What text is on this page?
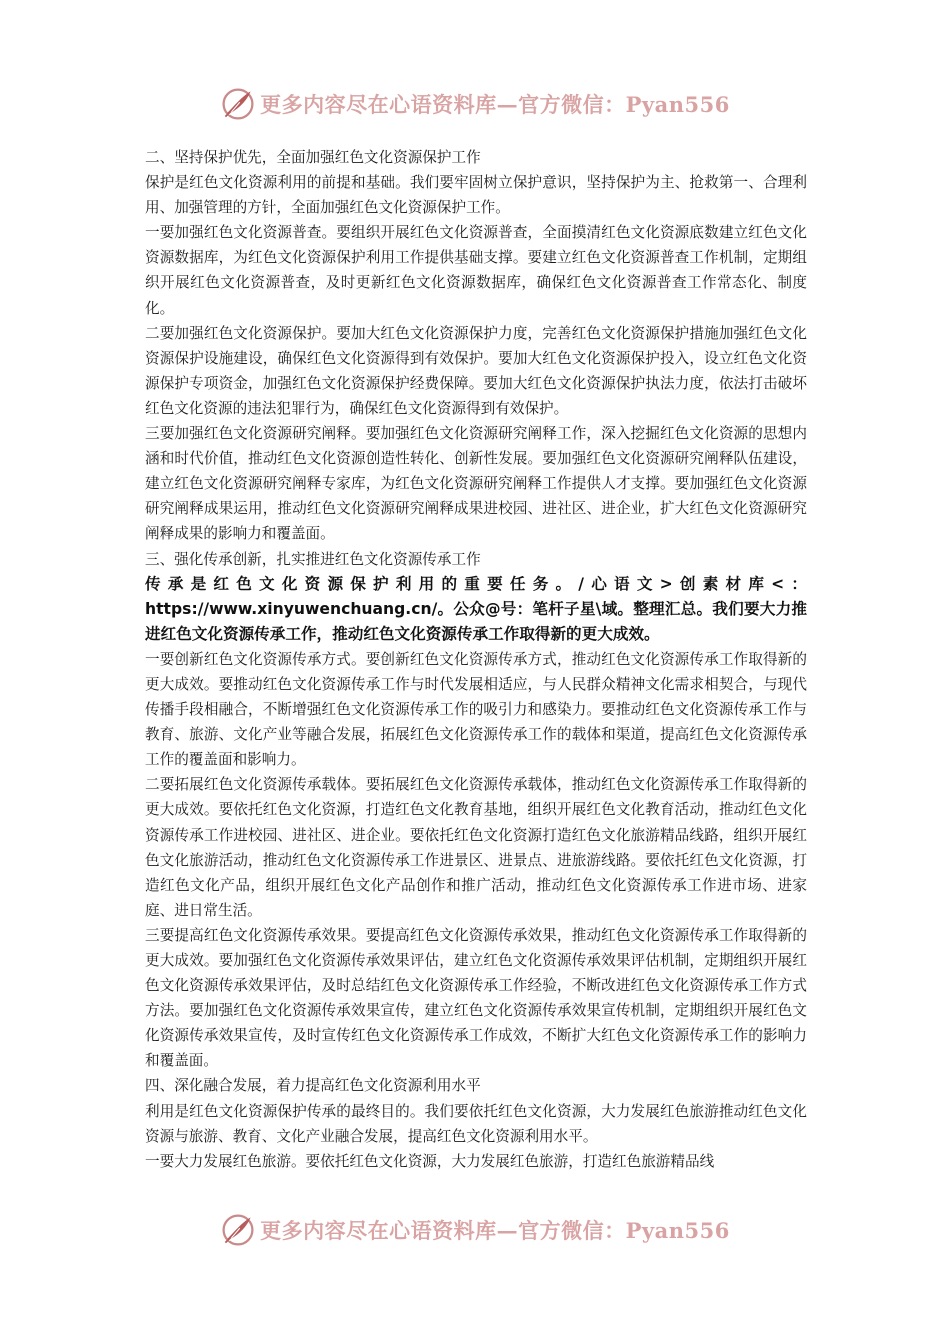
更多内容尽在心语资料库—官方微信：Pyan556

二、坚持保护优先，全面加强红色文化资源保护工作

保护是红色文化资源利用的前提和基础。我们要牢固树立保护意识，坚持保护为主、抢救第一、合理利用、加强管理的方针，全面加强红色文化资源保护工作。

一要加强红色文化资源普查。要组织开展红色文化资源普查，全面摸清红色文化资源底数建立红色文化资源数据库，为红色文化资源保护利用工作提供基础支撑。要建立红色文化资源普查工作机制，定期组织开展红色文化资源普查，及时更新红色文化资源数据库，确保红色文化资源普查工作常态化、制度化。

二要加强红色文化资源保护。要加大红色文化资源保护力度，完善红色文化资源保护措施加强红色文化资源保护设施建设，确保红色文化资源得到有效保护。要加大红色文化资源保护投入，设立红色文化资源保护专项资金，加强红色文化资源保护经费保障。要加大红色文化资源保护执法力度，依法打击破坏红色文化资源的违法犯罪行为，确保红色文化资源得到有效保护。

三要加强红色文化资源研究阐释。要加强红色文化资源研究阐释工作，深入挖掘红色文化资源的思想内涵和时代价值，推动红色文化资源创造性转化、创新性发展。要加强红色文化资源研究阐释队伍建设，建立红色文化资源研究阐释专家库，为红色文化资源研究阐释工作提供人才支撑。要加强红色文化资源研究阐释成果运用，推动红色文化资源研究阐释成果进校园、进社区、进企业，扩大红色文化资源研究阐释成果的影响力和覆盖面。

三、强化传承创新，扎实推进红色文化资源传承工作

传承是红色文化资源保护利用的重要任务。/心语文>创素材库<： https://www.xinyuwenchuang.cn/。公众@号：笔杆子星\域。整理汇总。我们要大力推进红色文化资源传承工作，推动红色文化资源传承工作取得新的更大成效。

一要创新红色文化资源传承方式。要创新红色文化资源传承方式，推动红色文化资源传承工作取得新的更大成效。要推动红色文化资源传承工作与时代发展相适应，与人民群众精神文化需求相契合，与现代传播手段相融合，不断增强红色文化资源传承工作的吸引力和感染力。要推动红色文化资源传承工作与教育、旅游、文化产业等融合发展，拓展红色文化资源传承工作的载体和渠道，提高红色文化资源传承工作的覆盖面和影响力。

二要拓展红色文化资源传承载体。要拓展红色文化资源传承载体，推动红色文化资源传承工作取得新的更大成效。要依托红色文化资源，打造红色文化教育基地，组织开展红色文化教育活动，推动红色文化资源传承工作进校园、进社区、进企业。要依托红色文化资源打造红色文化旅游精品线路，组织开展红色文化旅游活动，推动红色文化资源传承工作进景区、进景点、进旅游线路。要依托红色文化资源，打造红色文化产品，组织开展红色文化产品创作和推广活动，推动红色文化资源传承工作进市场、进家庭、进日常生活。

三要提高红色文化资源传承效果。要提高红色文化资源传承效果，推动红色文化资源传承工作取得新的更大成效。要加强红色文化资源传承效果评估，建立红色文化资源传承效果评估机制，定期组织开展红色文化资源传承效果评估，及时总结红色文化资源传承工作经验，不断改进红色文化资源传承工作方式方法。要加强红色文化资源传承效果宣传，建立红色文化资源传承效果宣传机制，定期组织开展红色文化资源传承效果宣传，及时宣传红色文化资源传承工作成效，不断扩大红色文化资源传承工作的影响力和覆盖面。

四、深化融合发展，着力提高红色文化资源利用水平

利用是红色文化资源保护传承的最终目的。我们要依托红色文化资源，大力发展红色旅游推动红色文化资源与旅游、教育、文化产业融合发展，提高红色文化资源利用水平。

一要大力发展红色旅游。要依托红色文化资源，大力发展红色旅游，打造红色旅游精品线

更多内容尽在心语资料库—官方微信：Pyan556
